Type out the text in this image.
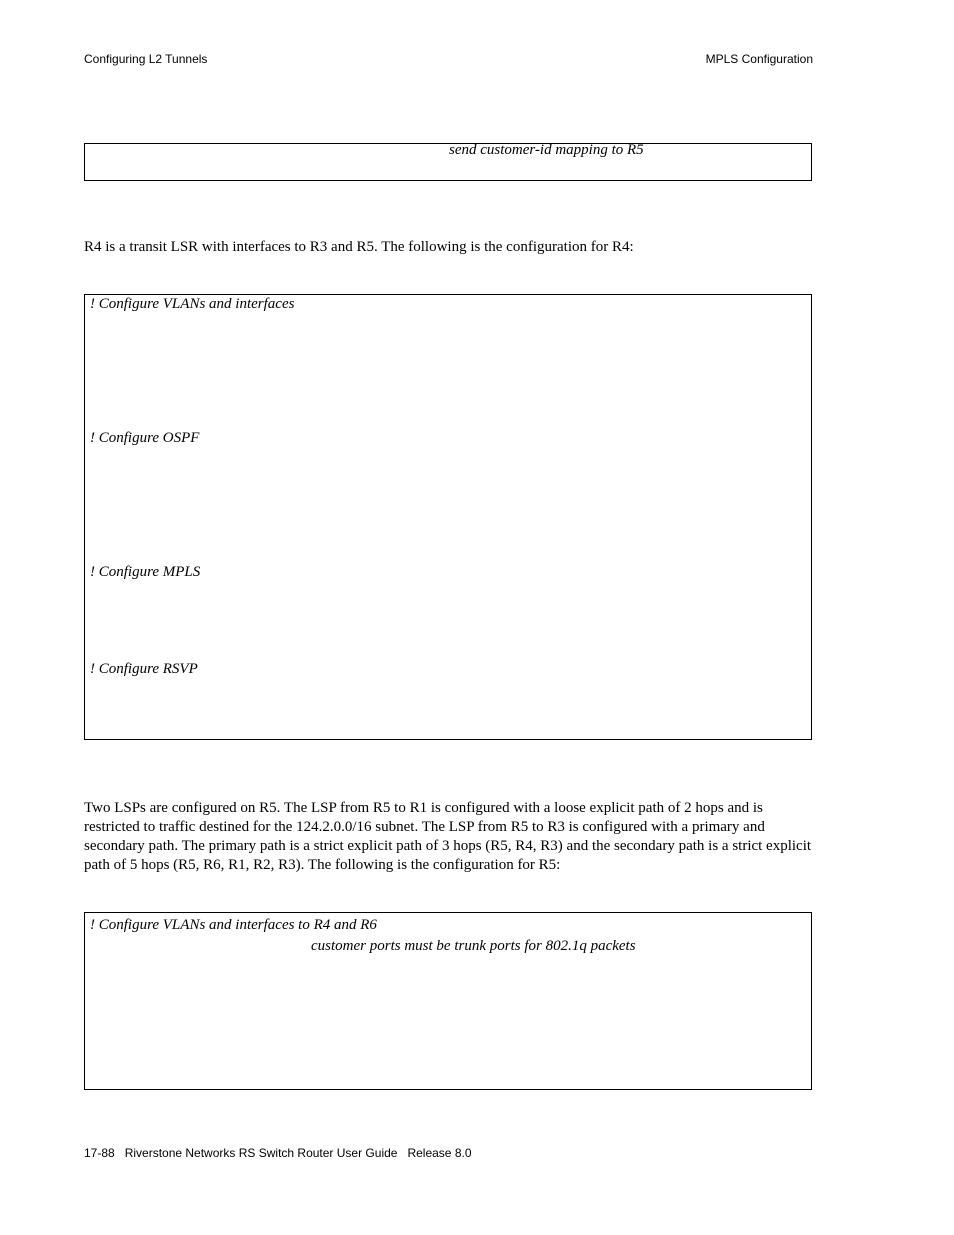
Configuring L2 Tunnels	MPLS Configuration
send customer-id mapping to R5
R4 is a transit LSR with interfaces to R3 and R5. The following is the configuration for R4:
! Configure VLANs and interfaces
! Configure OSPF
! Configure MPLS
! Configure RSVP
Two LSPs are configured on R5. The LSP from R5 to R1 is configured with a loose explicit path of 2 hops and is restricted to traffic destined for the 124.2.0.0/16 subnet. The LSP from R5 to R3 is configured with a primary and secondary path. The primary path is a strict explicit path of 3 hops (R5, R4, R3) and the secondary path is a strict explicit path of 5 hops (R5, R6, R1, R2, R3). The following is the configuration for R5:
! Configure VLANs and interfaces to R4 and R6
customer ports must be trunk ports for 802.1q packets
17-88   Riverstone Networks RS Switch Router User Guide   Release 8.0
